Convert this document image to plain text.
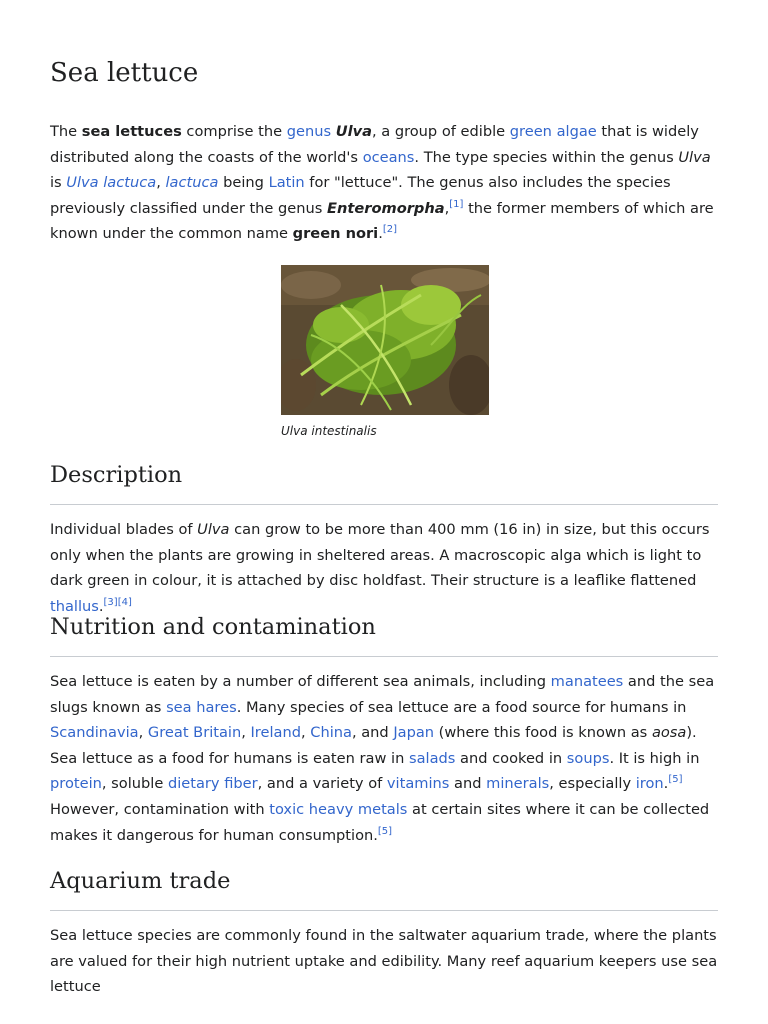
Sea lettuce

The sea lettuces comprise the genus Ulva, a group of edible green algae that is widely distributed along the coasts of the world's oceans. The type species within the genus Ulva is Ulva lactuca, lactuca being Latin for "lettuce". The genus also includes the species previously classified under the genus Enteromorpha,[1] the former members of which are known under the common name green nori.[2]

Ulva intestinalis
Description

Individual blades of Ulva can grow to be more than 400 mm (16 in) in size, but this occurs only when the plants are growing in sheltered areas. A macroscopic alga which is light to dark green in colour, it is attached by disc holdfast. Their structure is a leaflike flattened thallus.[3][4]

Nutrition and contamination

Sea lettuce is eaten by a number of different sea animals, including manatees and the sea slugs known as sea hares. Many species of sea lettuce are a food source for humans in Scandinavia, Great Britain, Ireland, China, and Japan (where this food is known as aosa). Sea lettuce as a food for humans is eaten raw in salads and cooked in soups. It is high in protein, soluble dietary fiber, and a variety of vitamins and minerals, especially iron.[5] However, contamination with toxic heavy metals at certain sites where it can be collected makes it dangerous for human consumption.[5]

Aquarium trade

Sea lettuce species are commonly found in the saltwater aquarium trade, where the plants are valued for their high nutrient uptake and edibility. Many reef aquarium keepers use sea lettuce
